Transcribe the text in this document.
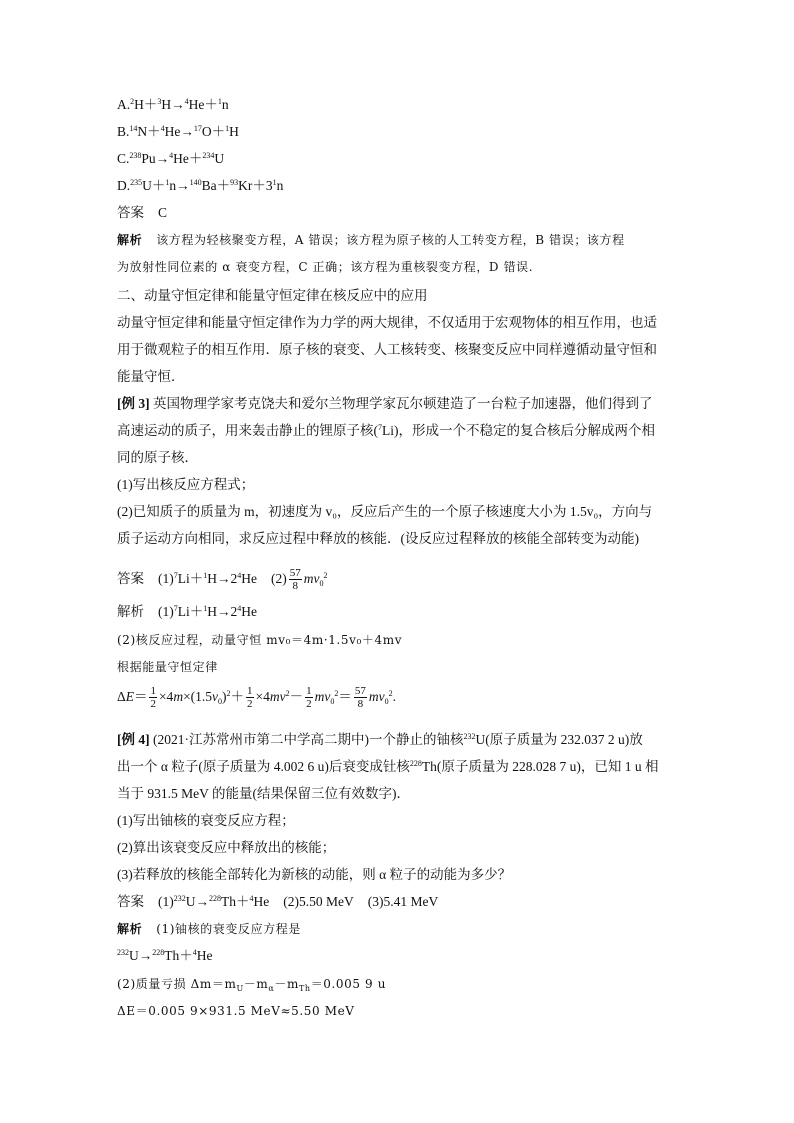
A.$^2$H＋$^3$H→$^4$He＋$^1$n
B.$^{14}$N＋$^4$He→$^{17}$O＋$^1$H
C.$^{238}$Pu→$^4$He＋$^{234}$U
$D.^{235}U+^1n\to^{140}Ba+^{93}Kr+3^1n$
答案 C
解析 该方程为轻核聚变方程，A 错误；该方程为原子核的人工转变方程，B 错误；该方程
为放射性同位素的 α 衰变方程，C 正确；该方程为重核裂变方程，D 错误.
二、动量守恒定律和能量守恒定律在核反应中的应用
动量守恒定律和能量守恒定律作为力学的两大规律，不仅适用于宏观物体的相互作用，也适
用于微观粒子的相互作用．原子核的衰变、人工核转变、核聚变反应中同样遵循动量守恒和
能量守恒．
[例 3] 英国物理学家考克饶夫和爱尔兰物理学家瓦尔顿建造了一台粒子加速器，他们得到了
高速运动的质子，用来轰击静止的锂原子核($^7$Li)，形成一个不稳定的复合核后分解成两个相
同的原子核．
(1)写出核反应方程式；
(2)已知质子的质量为 m，初速度为 v₀，反应后产生的一个原子核速度大小为 1.5v₀，方向与
质子运动方向相同，求反应过程中释放的核能．(设反应过程释放的核能全部转变为动能)
答案 $(1)^7Li+^1H\to 2^4He$ $(2) \frac{57}{8} mv_0^2$
解析 $(1)^7Li+^1H\to 2^4He$
(2)核反应过程，动量守恒 mv₀＝4m·1.5v₀＋4mv
根据能量守恒定律
$\Delta E= \frac{1}{2} \times 4m\times(1.5v_0)^2+ \frac{1}{2} \times 4mv^2- \frac{1}{2} mv_0^2= \frac{57}{8} mv_0^2$.
[例 4] (2021·江苏常州市第二中学高二期中)一个静止的铀核$^{232}$U(原子质量为 232.037 2 u)放
出一个 α 粒子(原子质量为 4.002 6 u)后衰变成钍核$^{228}$Th(原子质量为 228.028 7 u)，已知 1 u 相
当于 931.5 MeV 的能量(结果保留三位有效数字)．
(1)写出铀核的衰变反应方程；
(2)算出该衰变反应中释放出的核能；
(3)若释放的核能全部转化为新核的动能，则 α 粒子的动能为多少？
答案 $(1)^{232}U\to^{228}Th+^4He$ (2)5.50 MeV (3)5.41 MeV
解析 (1)铀核的衰变反应方程是
$^{232}$U→$^{228}$Th＋$^4$He
(2)质量亏损 $\Delta m=m_U-m_\alpha-m_{Th}=0.005$ 9 u
ΔE＝0.005 9×931.5 MeV≈5.50 MeV
